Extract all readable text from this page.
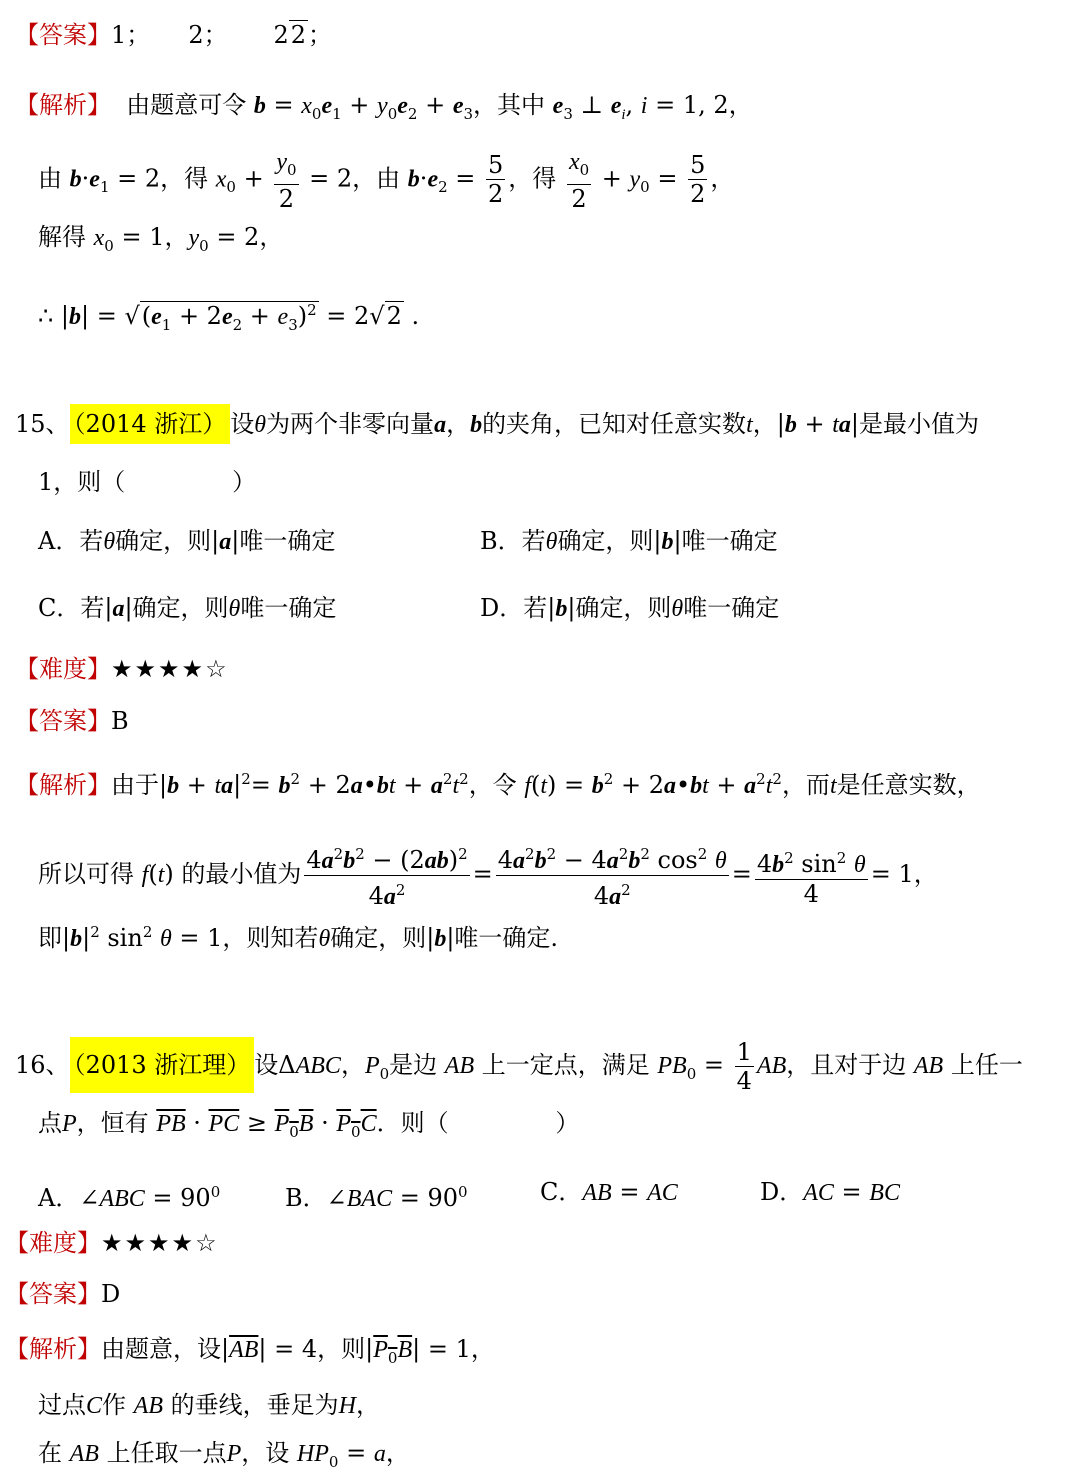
【答案】1；     2；      22；
【解析】  由题意可令 $b = x_0e_1 + y_0e_2 + e_3$，其中 $e_3$ ⊥ $e_i$, i = 1, 2，
由 $b\cdot e_1 = 2$，得 $x_0 + \frac{y_0}{2} = 2$，由 $b\cdot e_2 = \frac{5}{2}$ ，得 $\frac{x_0}{2} + y_0 = \frac{5}{2}$ ，
解得 $x_0 = 1$，$y_0 = 2$，
∴ $|b| = √(e_1 + 2e_2 + e_3)^2 = 2√2$ .
15、 （2014 浙江） 设θ为两个非零向量a，b的夹角，已知对任意实数t，|b + ta|是最小值为
1，则（              ）
A．若θ确定，则|a|唯一确定	B．若θ确定，则|b|唯一确定
C．若|a|确定，则θ唯一确定	D．若|b|确定，则θ唯一确定
【难度】★★★★☆
【答案】B
【解析】由于$|b + ta|^2= b^2$ + 2a•bt + $a^2t^2$，令 $f(t) = b^2$ + 2a•bt + $a^2t^2$，而t是任意实数，
所以可得 f(t) 的最小值为 $\frac{4a^2b^2 - (2ab)^2}{4a^2} = \frac{4a^2b^2 - 4a^2b^2 \cos^2 \theta}{4a^2} = \frac{4b^2 \sin^2 \theta}{4} = 1$，
即$|b|^2$ $\sin^2 \theta = 1$，则知若θ确定，则|b|唯一确定.
16、 （2013 浙江理） 设ΔABC，$P_0$是边 AB 上一定点，满足 $PB_0 = \frac{1}{4}$ AB，且对于边 AB 上任一
点P，恒有 $\overline{PB} \cdot \overline{PC} \ge P_0B \cdot P_0C$．则（              ）
A．∠ABC = $90^0$	B．∠BAC = $90^0$	C．AB = AC	D．AC = BC
【难度】★★★★☆
【答案】D
【解析】由题意，设$|\overline{AB}| = 4$，则$|P_0B| = 1$，
过点C作 AB 的垂线，垂足为H，
在 AB 上任取一点P，设 $HP_0 = a$，
